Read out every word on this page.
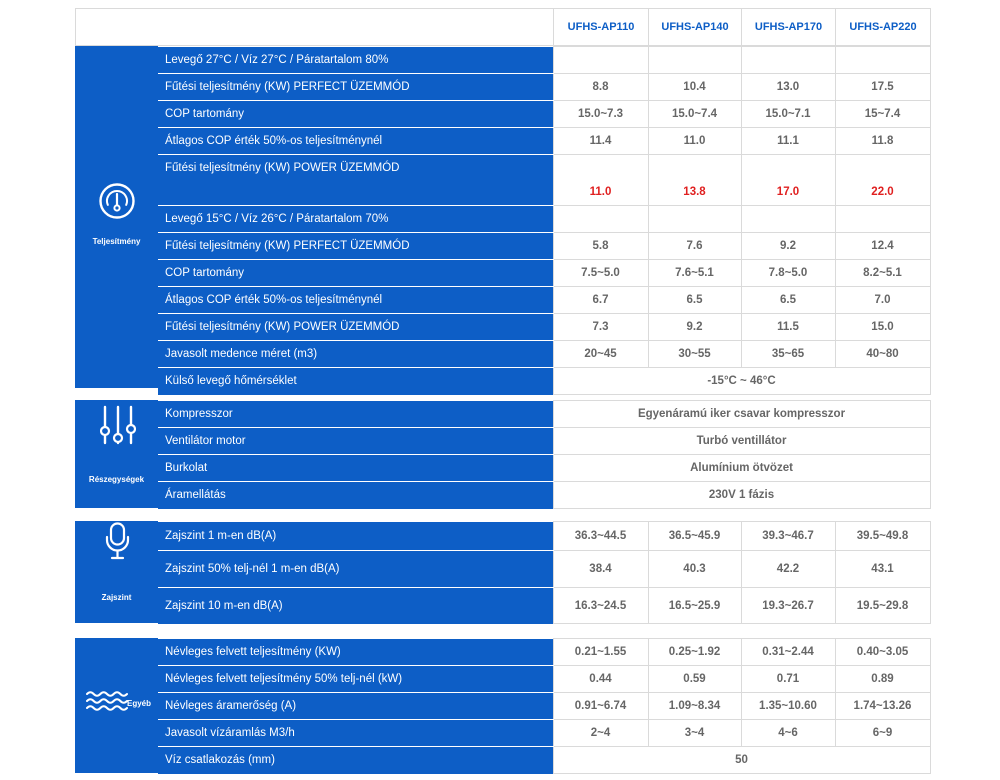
	UFHS-AP110	UFHS-AP140	UFHS-AP170	UFHS-AP220
Teljesítmény
Levegő 27°C / Víz 27°C / Páratartalom 80%				
Fűtési teljesítmény (KW) PERFECT ÜZEMMÓD	8.8	10.4	13.0	17.5
COP tartomány	15.0~7.3	15.0~7.4	15.0~7.1	15~7.4
Átlagos COP érték 50%-os teljesítménynél	11.4	11.0	11.1	11.8
Fűtési teljesítmény (KW) POWER ÜZEMMÓD	11.0	13.8	17.0	22.0
Levegő 15°C / Víz 26°C / Páratartalom 70%				
Fűtési teljesítmény (KW) PERFECT ÜZEMMÓD	5.8	7.6	9.2	12.4
COP tartomány	7.5~5.0	7.6~5.1	7.8~5.0	8.2~5.1
Átlagos COP érték 50%-os teljesítménynél	6.7	6.5	6.5	7.0
Fűtési teljesítmény (KW) POWER ÜZEMMÓD	7.3	9.2	11.5	15.0
Javasolt medence méret (m3)	20~45	30~55	35~65	40~80
Külső levegő hőmérséklet	-15°C ~ 46°C			
Részegységek
Kompresszor	Egyenáramú iker csavar kompresszor
Ventilátor motor	Turbó ventillátor
Burkolat	Alumínium ötvözet
Áramellátás	230V 1 fázis
Zajszint
Zajszint 1 m-en dB(A)	36.3~44.5	36.5~45.9	39.3~46.7	39.5~49.8
Zajszint 50% telj-nél 1 m-en dB(A)	38.4	40.3	42.2	43.1
Zajszint 10 m-en dB(A)	16.3~24.5	16.5~25.9	19.3~26.7	19.5~29.8
Egyéb
Névleges felvett teljesítmény (KW)	0.21~1.55	0.25~1.92	0.31~2.44	0.40~3.05
Névleges felvett teljesítmény 50% telj-nél (kW)	0.44	0.59	0.71	0.89
Névleges áramerőség (A)	0.91~6.74	1.09~8.34	1.35~10.60	1.74~13.26
Javasolt vízáramlás M3/h	2~4	3~4	4~6	6~9
Víz csatlakozás (mm)	50			
